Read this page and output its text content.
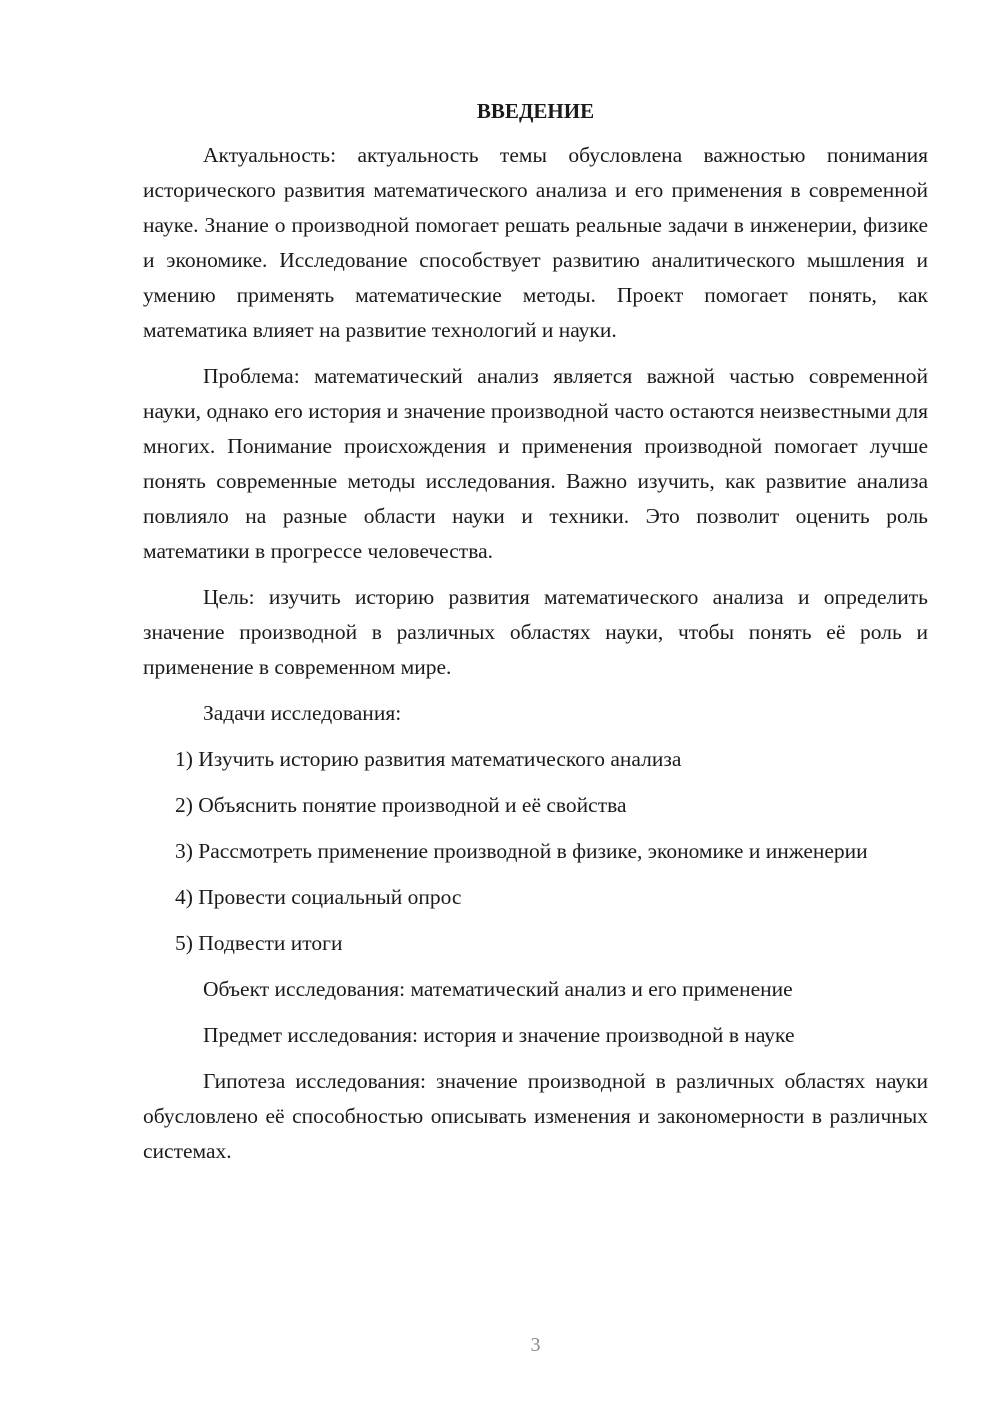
ВВЕДЕНИЕ

Актуальность: актуальность темы обусловлена важностью понимания исторического развития математического анализа и его применения в современной науке. Знание о производной помогает решать реальные задачи в инженерии, физике и экономике. Исследование способствует развитию аналитического мышления и умению применять математические методы. Проект помогает понять, как математика влияет на развитие технологий и науки.

Проблема: математический анализ является важной частью современной науки, однако его история и значение производной часто остаются неизвестными для многих. Понимание происхождения и применения производной помогает лучше понять современные методы исследования. Важно изучить, как развитие анализа повлияло на разные области науки и техники. Это позволит оценить роль математики в прогрессе человечества.

Цель: изучить историю развития математического анализа и определить значение производной в различных областях науки, чтобы понять её роль и применение в современном мире.

Задачи исследования:

1) Изучить историю развития математического анализа

2) Объяснить понятие производной и её свойства

3) Рассмотреть применение производной в физике, экономике и инженерии

4) Провести социальный опрос

5) Подвести итоги

Объект исследования: математический анализ и его применение

Предмет исследования: история и значение производной в науке

Гипотеза исследования: значение производной в различных областях науки обусловлено её способностью описывать изменения и закономерности в различных системах.

3
